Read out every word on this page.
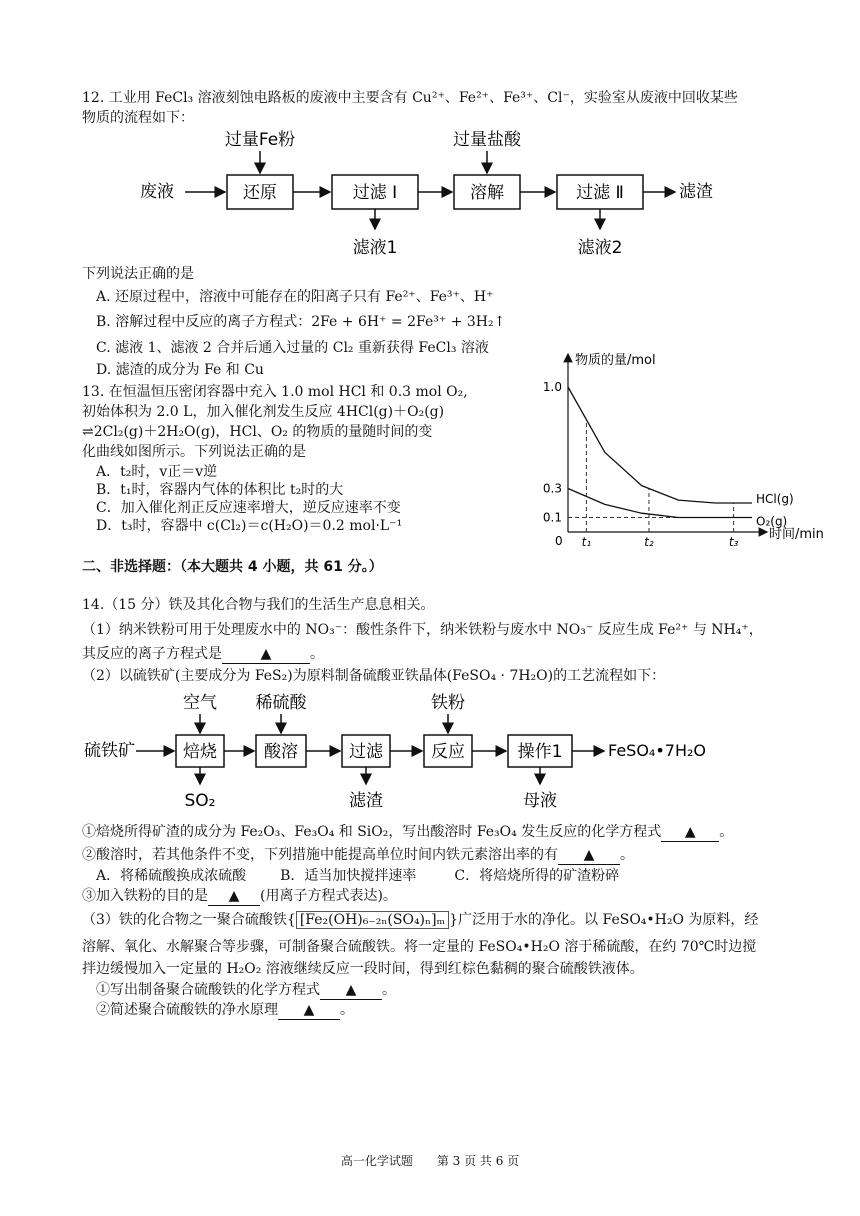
12. 工业用 FeCl₃ 溶液刻蚀电路板的废液中主要含有 Cu²⁺、Fe²⁺、Fe³⁺、Cl⁻，实验室从废液中回收某些
物质的流程如下：
废液	还原
过量Fe粉
过滤 Ⅰ
滤液1
溶解
过量盐酸
过滤 Ⅱ
滤液2
滤渣
下列说法正确的是
A. 还原过程中，溶液中可能存在的阳离子只有 Fe²⁺、Fe³⁺、H⁺
B. 溶解过程中反应的离子方程式：2Fe + 6H⁺ = 2Fe³⁺ + 3H₂↑
C. 滤液 1、滤液 2 合并后通入过量的 Cl₂ 重新获得 FeCl₃ 溶液
D. 滤渣的成分为 Fe 和 Cu
13. 在恒温恒压密闭容器中充入 1.0 mol HCl 和 0.3 mol O₂,
初始体积为 2.0 L，加入催化剂发生反应 4HCl(g)＋O₂(g)
⇌2Cl₂(g)＋2H₂O(g)，HCl、O₂ 的物质的量随时间的变
化曲线如图所示。下列说法正确的是
A．t₂时，v正＝v逆
B．t₁时，容器内气体的体积比 t₂时的大
C．加入催化剂正反应速率增大，逆反应速率不变
D．t₃时，容器中 c(Cl₂)＝c(H₂O)＝0.2 mol·L⁻¹
物质的量/mol
时间/min
0
1.0
0.3
0.1
t₁	t₂	t₃
HCl(g)
O₂(g)
二、非选择题：（本大题共 4 小题，共 61 分。）
14.（15 分）铁及其化合物与我们的生活生产息息相关。
（1）纳米铁粉可用于处理废水中的 NO₃⁻：酸性条件下，纳米铁粉与废水中 NO₃⁻ 反应生成 Fe²⁺ 与 NH₄⁺，
其反应的离子方程式是	▲	。
（2）以硫铁矿(主要成分为 FeS₂)为原料制备硫酸亚铁晶体(FeSO₄ · 7H₂O)的工艺流程如下：
硫铁矿	焙烧
空气
SO₂
酸溶
稀硫酸
过滤
滤渣
反应
铁粉
操作1
母液
FeSO₄•7H₂O
①焙烧所得矿渣的成分为 Fe₂O₃、Fe₃O₄ 和 SiO₂，写出酸溶时 Fe₃O₄ 发生反应的化学方程式 ▲ 。
②酸溶时，若其他条件不变，下列措施中能提高单位时间内铁元素溶出率的有 ▲ 。
A．将稀硫酸换成浓硫酸 B．适当加快搅拌速率	C．将焙烧所得的矿渣粉碎
③加入铁粉的目的是 ▲ (用离子方程式表达)。
（3）铁的化合物之一聚合硫酸铁{ [Fe₂(OH)₆₋₂ₙ(SO₄)ₙ]ₘ }广泛用于水的净化。以 FeSO₄•H₂O 为原料，经
溶解、氧化、水解聚合等步骤，可制备聚合硫酸铁。将一定量的 FeSO₄•H₂O 溶于稀硫酸，在约 70℃时边搅
拌边缓慢加入一定量的 H₂O₂ 溶液继续反应一段时间，得到红棕色黏稠的聚合硫酸铁液体。
①写出制备聚合硫酸铁的化学方程式 ▲ 。
②简述聚合硫酸铁的净水原理 ▲ 。
高一化学试题　　第 3 页 共 6 页
